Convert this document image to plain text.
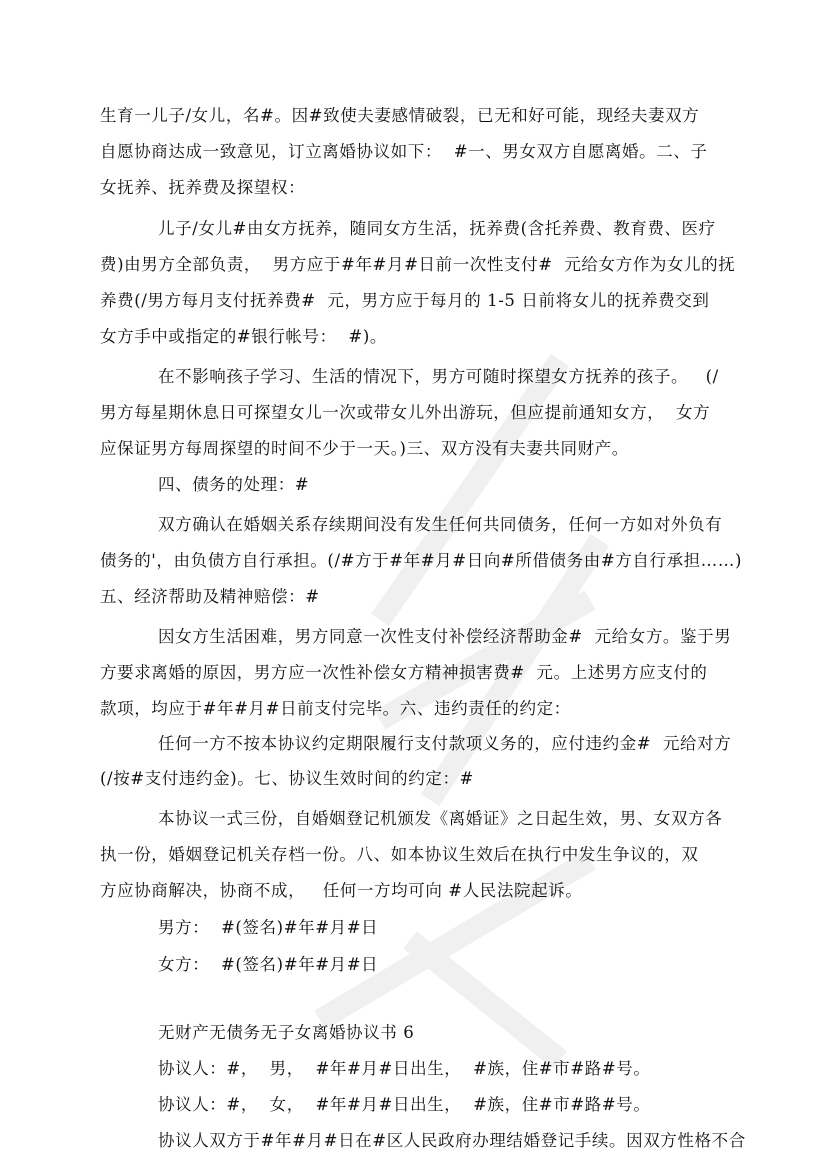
生育一儿子/女儿，名#。因#致使夫妻感情破裂，已无和好可能，现经夫妻双方
自愿协商达成一致意见，订立离婚协议如下：  #一、男女双方自愿离婚。二、子
女抚养、抚养费及探望权：
儿子/女儿#由女方抚养，随同女方生活，抚养费(含托养费、教育费、医疗
费)由男方全部负责，  男方应于#年#月#日前一次性支付#  元给女方作为女儿的抚
养费(/男方每月支付抚养费#  元，男方应于每月的 1-5 日前将女儿的抚养费交到
女方手中或指定的#银行帐号：  #)。
在不影响孩子学习、生活的情况下，男方可随时探望女方抚养的孩子。   (/
男方每星期休息日可探望女儿一次或带女儿外出游玩，但应提前通知女方，  女方
应保证男方每周探望的时间不少于一天。)三、双方没有夫妻共同财产。
四、债务的处理：#
双方确认在婚姻关系存续期间没有发生任何共同债务，任何一方如对外负有
债务的'，由负债方自行承担。(/#方于#年#月#日向#所借债务由#方自行承担……)
五、经济帮助及精神赔偿：#
因女方生活困难，男方同意一次性支付补偿经济帮助金#  元给女方。鉴于男
方要求离婚的原因，男方应一次性补偿女方精神损害费#  元。上述男方应支付的
款项，均应于#年#月#日前支付完毕。六、违约责任的约定：
任何一方不按本协议约定期限履行支付款项义务的，应付违约金#  元给对方
(/按#支付违约金)。七、协议生效时间的约定：#
本协议一式三份，自婚姻登记机颁发《离婚证》之日起生效，男、女双方各
执一份，婚姻登记机关存档一份。八、如本协议生效后在执行中发生争议的，双
方应协商解决，协商不成，   任何一方均可向 #人民法院起诉。
男方：  #(签名)#年#月#日
女方：  #(签名)#年#月#日
无财产无债务无子女离婚协议书 6
协议人：#，  男，  #年#月#日出生，  #族，住#市#路#号。
协议人：#，  女，  #年#月#日出生，  #族，住#市#路#号。
协议人双方于#年#月#日在#区人民政府办理结婚登记手续。因双方性格不合
